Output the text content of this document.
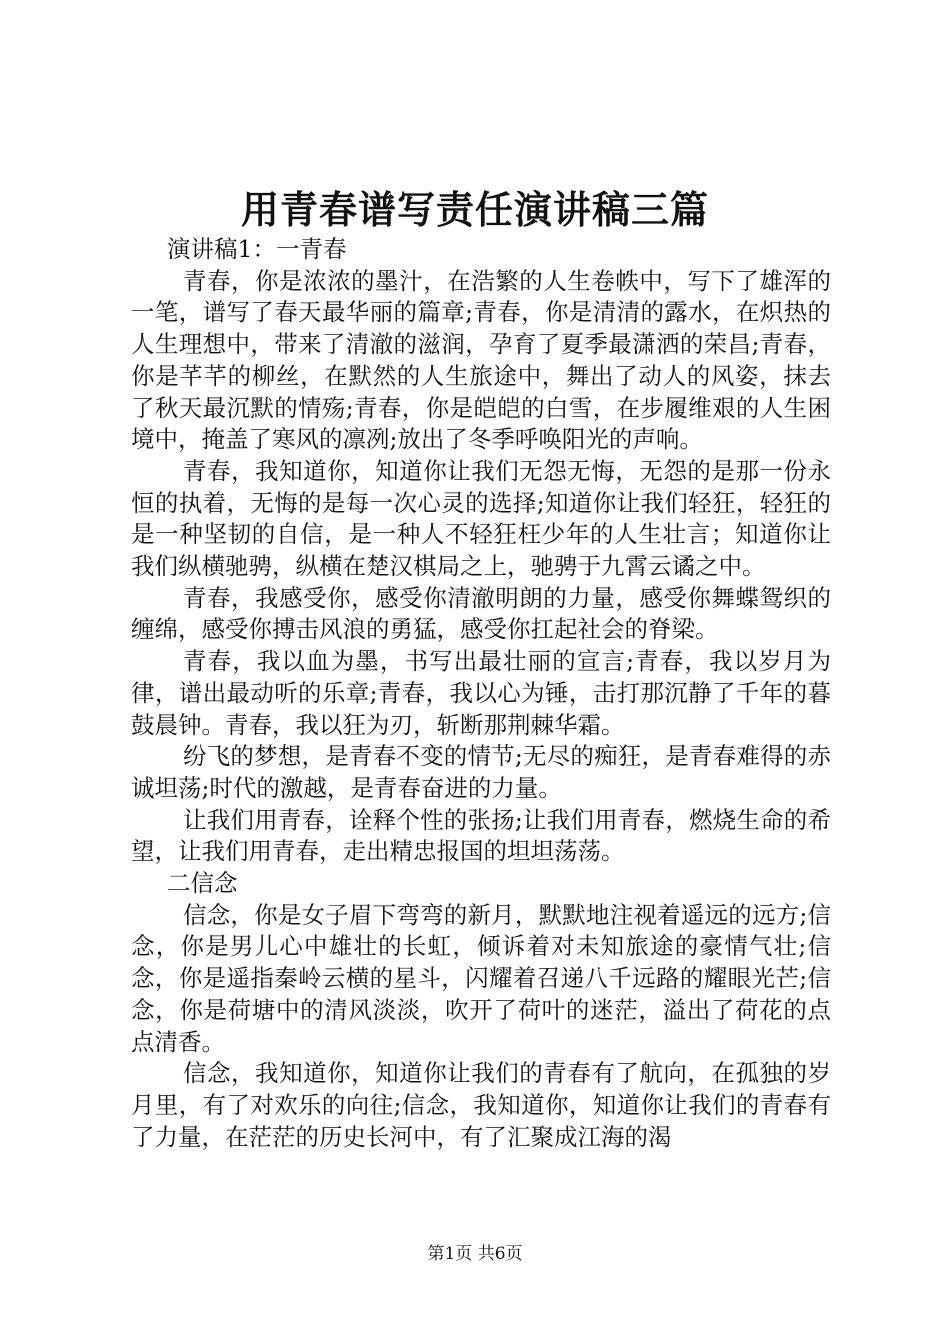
用青春谱写责任演讲稿三篇

演讲稿1：一青春

青春，你是浓浓的墨汁，在浩繁的人生卷帙中，写下了雄浑的一笔，谱写了春天最华丽的篇章;青春，你是清清的露水，在炽热的人生理想中，带来了清澈的滋润，孕育了夏季最潇洒的荣昌;青春，你是芊芊的柳丝，在默然的人生旅途中，舞出了动人的风姿，抹去了秋天最沉默的情殇;青春，你是皑皑的白雪，在步履维艰的人生困境中，掩盖了寒风的凛冽;放出了冬季呼唤阳光的声响。

青春，我知道你，知道你让我们无怨无悔，无怨的是那一份永恒的执着，无悔的是每一次心灵的选择;知道你让我们轻狂，轻狂的是一种坚韧的自信，是一种人不轻狂枉少年的人生壮言；知道你让我们纵横驰骋，纵横在楚汉棋局之上，驰骋于九霄云谲之中。

青春，我感受你，感受你清澈明朗的力量，感受你舞蝶鸳织的缠绵，感受你搏击风浪的勇猛，感受你扛起社会的脊梁。

青春，我以血为墨，书写出最壮丽的宣言;青春，我以岁月为律，谱出最动听的乐章;青春，我以心为锤，击打那沉静了千年的暮鼓晨钟。青春，我以狂为刃，斩断那荆棘华霜。

纷飞的梦想，是青春不变的情节;无尽的痴狂，是青春难得的赤诚坦荡;时代的激越，是青春奋进的力量。

让我们用青春，诠释个性的张扬;让我们用青春，燃烧生命的希望，让我们用青春，走出精忠报国的坦坦荡荡。

二信念

信念，你是女子眉下弯弯的新月，默默地注视着遥远的远方;信念，你是男儿心中雄壮的长虹，倾诉着对未知旅途的豪情气壮;信念，你是遥指秦岭云横的星斗，闪耀着召递八千远路的耀眼光芒;信念，你是荷塘中的清风淡淡，吹开了荷叶的迷茫，溢出了荷花的点点清香。

信念，我知道你，知道你让我们的青春有了航向，在孤独的岁月里，有了对欢乐的向往;信念，我知道你，知道你让我们的青春有了力量，在茫茫的历史长河中，有了汇聚成江海的渴

第1页 共6页
